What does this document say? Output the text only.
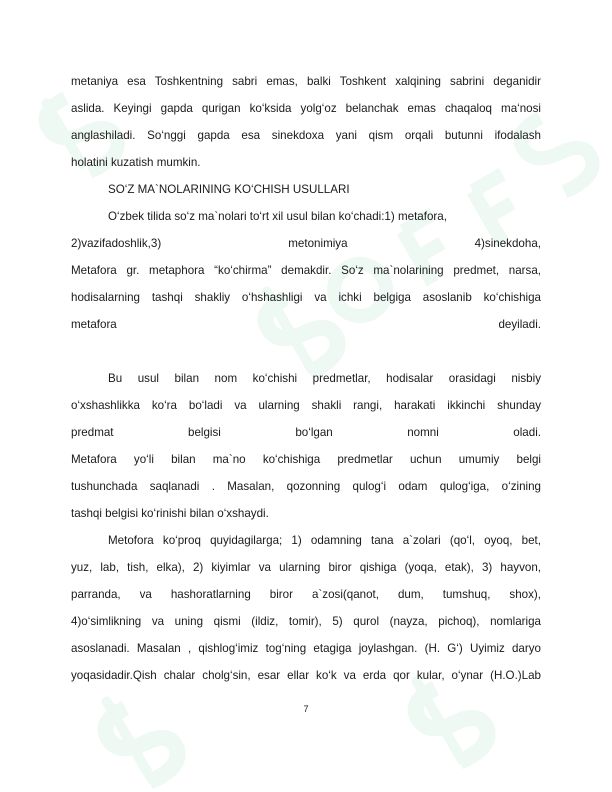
metaniya esa Toshkentning sabri emas, balki Toshkent xalqining sabrini deganidir

aslida. Keyingi gapda qurigan ko‘ksida yolg‘oz belanchak emas chaqaloq ma‘nosi

anglashiladi. So‘nggi gapda esa sinekdoxa yani qism orqali butunni ifodalash

holatini kuzatish mumkin.

SO‘Z MA`NOLARINING KO‘CHISH USULLARI

O‘zbek tilida so‘z ma`nolari to‘rt xil usul bilan ko‘chadi:1) metafora,

2)vazifadoshlik,3) metonimiya 4)sinekdoha,

Metafora gr. metaphora “ko‘chirma” demakdir. So‘z ma`nolarining predmet, narsa,

hodisalarning tashqi shakliy o‘hshashligi va ichki belgiga asoslanib ko‘chishiga

metafora deyiladi.

Bu usul bilan nom ko‘chishi predmetlar, hodisalar orasidagi nisbiy

o‘xshashlikka ko‘ra bo‘ladi va ularning shakli rangi, harakati ikkinchi shunday

predmat belgisi bo‘lgan nomni oladi.

Metafora yo‘li bilan ma`no ko‘chishiga predmetlar uchun umumiy belgi

tushunchada saqlanadi . Masalan, qozonning qulog‘i odam qulog‘iga, o‘zining

tashqi belgisi ko‘rinishi bilan o‘xshaydi.

Metofora ko‘proq quyidagilarga; 1) odamning tana a`zolari (qo‘l, oyoq, bet,

yuz, lab, tish, elka), 2) kiyimlar va ularning biror qishiga (yoqa, etak), 3) hayvon,

parranda, va hashoratlarning biror a`zosi(qanot, dum, tumshuq, shox),

4)o‘simlikning va uning qismi (ildiz, tomir), 5) qurol (nayza, pichoq), nomlariga

asoslanadi. Masalan , qishlog‘imiz tog‘ning etagiga joylashgan. (H. G‘) Uyimiz daryo

yoqasidadir.Qish chalar cholg‘sin, esar ellar ko‘k va erda qor kular, o‘ynar (H.O.)Lab

7
